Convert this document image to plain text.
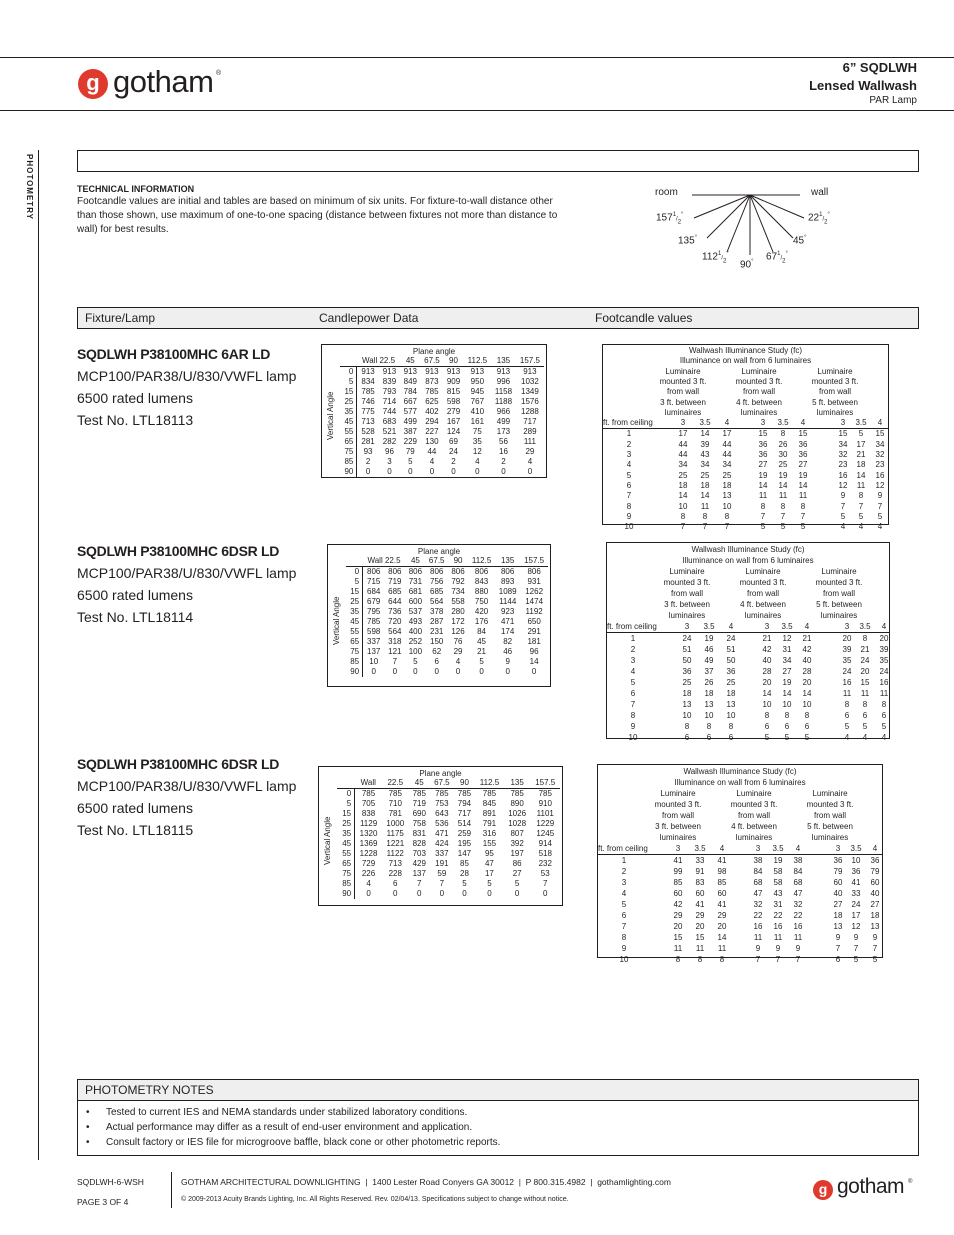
g gotham ®	6” SQDLWH
Lensed Wallwash
PAR Lamp
PHOTOMETRY	TECHNICAL INFORMATION
Footcandle values are initial and tables are based on minimum of six units. For fixture-to-wall distance other than those shown, use maximum of one-to-one spacing (distance between fixtures not more than distance to wall) for best results.
room	wall
$157^1/_2^\circ$
135°
$112^1/_2^\circ$
90° $67^1/_2^\circ$
45°
$22^1/_2^\circ$
Fixture/Lamp	Candlepower Data	Footcandle values
SQDLWH P38100MHC 6AR LD
MCP100/PAR38/U/830/VWFL lamp
6500 rated lumens
Test No. LTL18113
Plane angle
Vertical Angle
	Wall 22.5		45	67.5	90	112.5	135	157.5
0	913	913	913	913	913	913	913	913
5	834	839	849	873	909	950	996	1032
15	785	793	784	785	815	945	1158	1349
25	746	714	667	625	598	767	1188	1576
35	775	744	577	402	279	410	966	1288
45	713	683	499	294	167	161	499	717
55	528	521	387	227	124	75	173	289
65	281	282	229	130	69	35	56	111
75	93	96	79	44	24	12	16	29
85	2	3	5	4	2	4	2	4
90	0	0	0	0	0	0	0	0
Wallwash Illuminance Study (fc)
Illuminance on wall from 6 luminaires
Luminaire
mounted 3 ft.
from wall
3 ft. between
luminaires
Luminaire
mounted 3 ft.
from wall
4 ft. between
luminaires
Luminaire
mounted 3 ft.
from wall
5 ft. between
luminaires
ft. from ceiling	3	3.5	4	3	3.5	4	3	3.5	4
1	17	14	17	15	8	15	15	5	15
2	44	39	44	36	26	36	34	17	34
3	44	43	44	36	30	36	32	21	32
4	34	34	34	27	25	27	23	18	23
5	25	25	25	19	19	19	16	14	16
6	18	18	18	14	14	14	12	11	12
7	14	14	13	11	11	11	9	8	9
8	10	11	10	8	8	8	7	7	7
9	8	8	8	7	7	7	5	5	5
10	7	7	7	5	5	5	4	4	4
SQDLWH P38100MHC 6DSR LD
MCP100/PAR38/U/830/VWFL lamp
6500 rated lumens
Test No. LTL18114
Plane angle
Vertical Angle
	Wall 22.5		45	67.5	90	112.5	135	157.5
0	806	806	806	806	806	806	806	806
5	715	719	731	756	792	843	893	931
15	684	685	681	685	734	880	1089	1262
25	679	644	600	564	558	750	1144	1474
35	795	736	537	378	280	420	923	1192
45	785	720	493	287	172	176	471	650
55	598	564	400	231	126	84	174	291
65	337	318	252	150	76	45	82	181
75	137	121	100	62	29	21	46	96
85	10	7	5	6	4	5	9	14
90	0	0	0	0	0	0	0	0
Wallwash Illuminance Study (fc)
Illuminance on wall from 6 luminaires
Luminaire
mounted 3 ft.
from wall
3 ft. between
luminaires
Luminaire
mounted 3 ft.
from wall
4 ft. between
luminaires
Luminaire
mounted 3 ft.
from wall
5 ft. between
luminaires
ft. from ceiling	3	3.5	4	3	3.5	4	3	3.5	4
1	24	19	24	21	12	21	20	8	20
2	51	46	51	42	31	42	39	21	39
3	50	49	50	40	34	40	35	24	35
4	36	37	36	28	27	28	24	20	24
5	25	26	25	20	19	20	16	15	16
6	18	18	18	14	14	14	11	11	11
7	13	13	13	10	10	10	8	8	8
8	10	10	10	8	8	8	6	6	6
9	8	8	8	6	6	6	5	5	5
10	6	6	6	5	5	5	4	4	4
SQDLWH P38100MHC 6DSR LD
MCP100/PAR38/U/830/VWFL lamp
6500 rated lumens
Test No. LTL18115
Plane angle
Vertical Angle
	Wall	22.5	45	67.5	90	112.5	135	157.5
0	785	785	785	785	785	785	785	785
5	705	710	719	753	794	845	890	910
15	838	781	690	643	717	891	1026	1101
25	1129	1000	758	536	514	791	1028	1229
35	1320	1175	831	471	259	316	807	1245
45	1369	1221	828	424	195	155	392	914
55	1228	1122	703	337	147	95	197	518
65	729	713	429	191	85	47	86	232
75	226	228	137	59	28	17	27	53
85	4	6	7	7	5	5	5	7
90	0	0	0	0	0	0	0	0
Wallwash Illuminance Study (fc)
Illuminance on wall from 6 luminaires
Luminaire
mounted 3 ft.
from wall
3 ft. between
luminaires
Luminaire
mounted 3 ft.
from wall
4 ft. between
luminaires
Luminaire
mounted 3 ft.
from wall
5 ft. between
luminaires
ft. from ceiling	3	3.5	4	3	3.5	4	3	3.5	4
1	41	33	41	38	19	38	36	10	36
2	99	91	98	84	58	84	79	36	79
3	85	83	85	68	58	68	60	41	60
4	60	60	60	47	43	47	40	33	40
5	42	41	41	32	31	32	27	24	27
6	29	29	29	22	22	22	18	17	18
7	20	20	20	16	16	16	13	12	13
8	15	15	14	11	11	11	9	9	9
9	11	11	11	9	9	9	7	7	7
10	8	8	8	7	7	7	6	5	5
PHOTOMETRY NOTES
• Tested to current IES and NEMA standards under stabilized laboratory conditions.
• Actual performance may differ as a result of end-user environment and application.
• Consult factory or IES file for microgroove baffle, black cone or other photometric reports.
SQDLWH-6-WSH
PAGE 3 OF 4
GOTHAM ARCHITECTURAL DOWNLIGHTING  |  1400 Lester Road Conyers GA 30012  |  P 800.315.4982  |  gothamlighting.com
© 2009-2013 Acuity Brands Lighting, Inc. All Rights Reserved. Rev. 02/04/13. Specifications subject to change without notice.
g gotham ®
